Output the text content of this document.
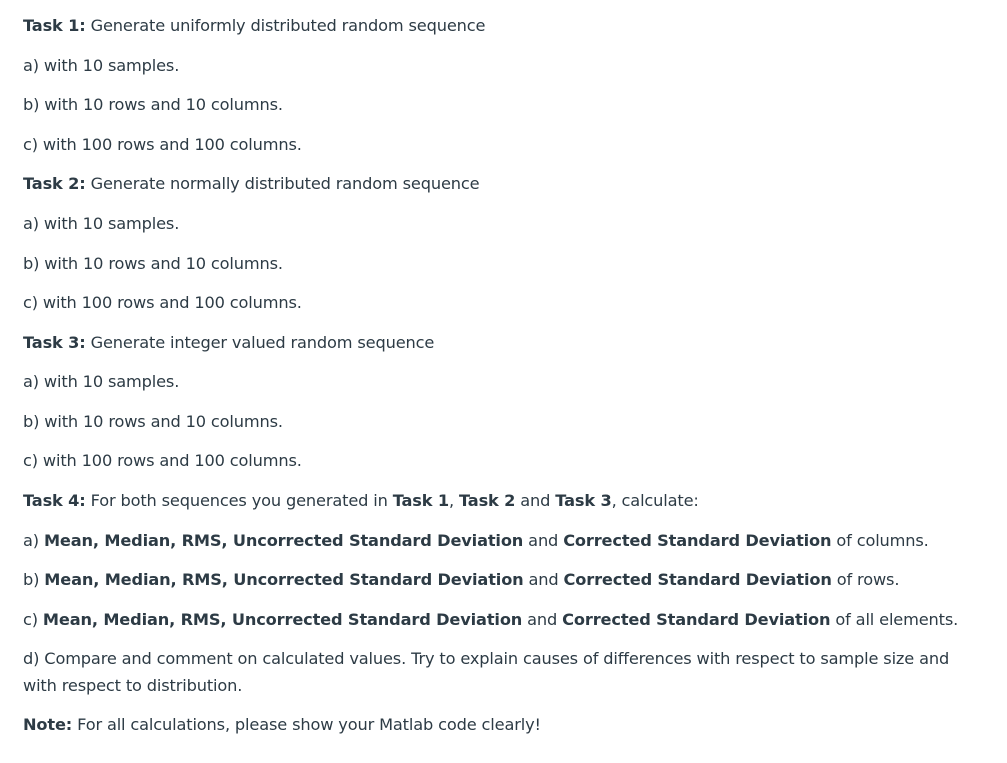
Task 1: Generate uniformly distributed random sequence
a) with 10 samples.
b) with 10 rows and 10 columns.
c) with 100 rows and 100 columns.
Task 2: Generate normally distributed random sequence
a) with 10 samples.
b) with 10 rows and 10 columns.
c) with 100 rows and 100 columns.
Task 3: Generate integer valued random sequence
a) with 10 samples.
b) with 10 rows and 10 columns.
c) with 100 rows and 100 columns.
Task 4: For both sequences you generated in Task 1, Task 2 and Task 3, calculate:
a) Mean, Median, RMS, Uncorrected Standard Deviation and Corrected Standard Deviation of columns.
b) Mean, Median, RMS, Uncorrected Standard Deviation and Corrected Standard Deviation of rows.
c) Mean, Median, RMS, Uncorrected Standard Deviation and Corrected Standard Deviation of all elements.
d) Compare and comment on calculated values. Try to explain causes of differences with respect to sample size and with respect to distribution.
Note: For all calculations, please show your Matlab code clearly!
